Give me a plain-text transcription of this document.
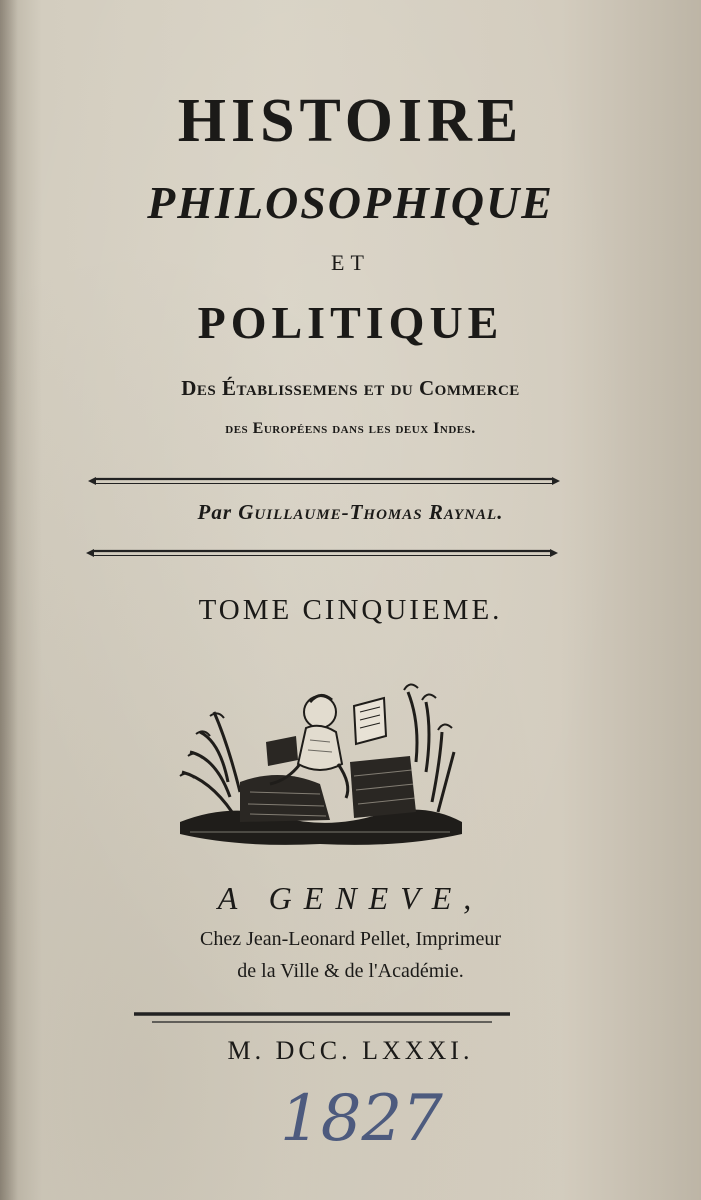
HISTOIRE
PHILOSOPHIQUE
ET
POLITIQUE
Des Établissemens et du Commerce
des Européens dans les deux Indes.
Par Guillaume-Thomas Raynal.
TOME CINQUIEME.
A GENEVE,
Chez Jean-Leonard Pellet, Imprimeur
de la Ville & de l'Académie.
M. DCC. LXXXI.
1827
